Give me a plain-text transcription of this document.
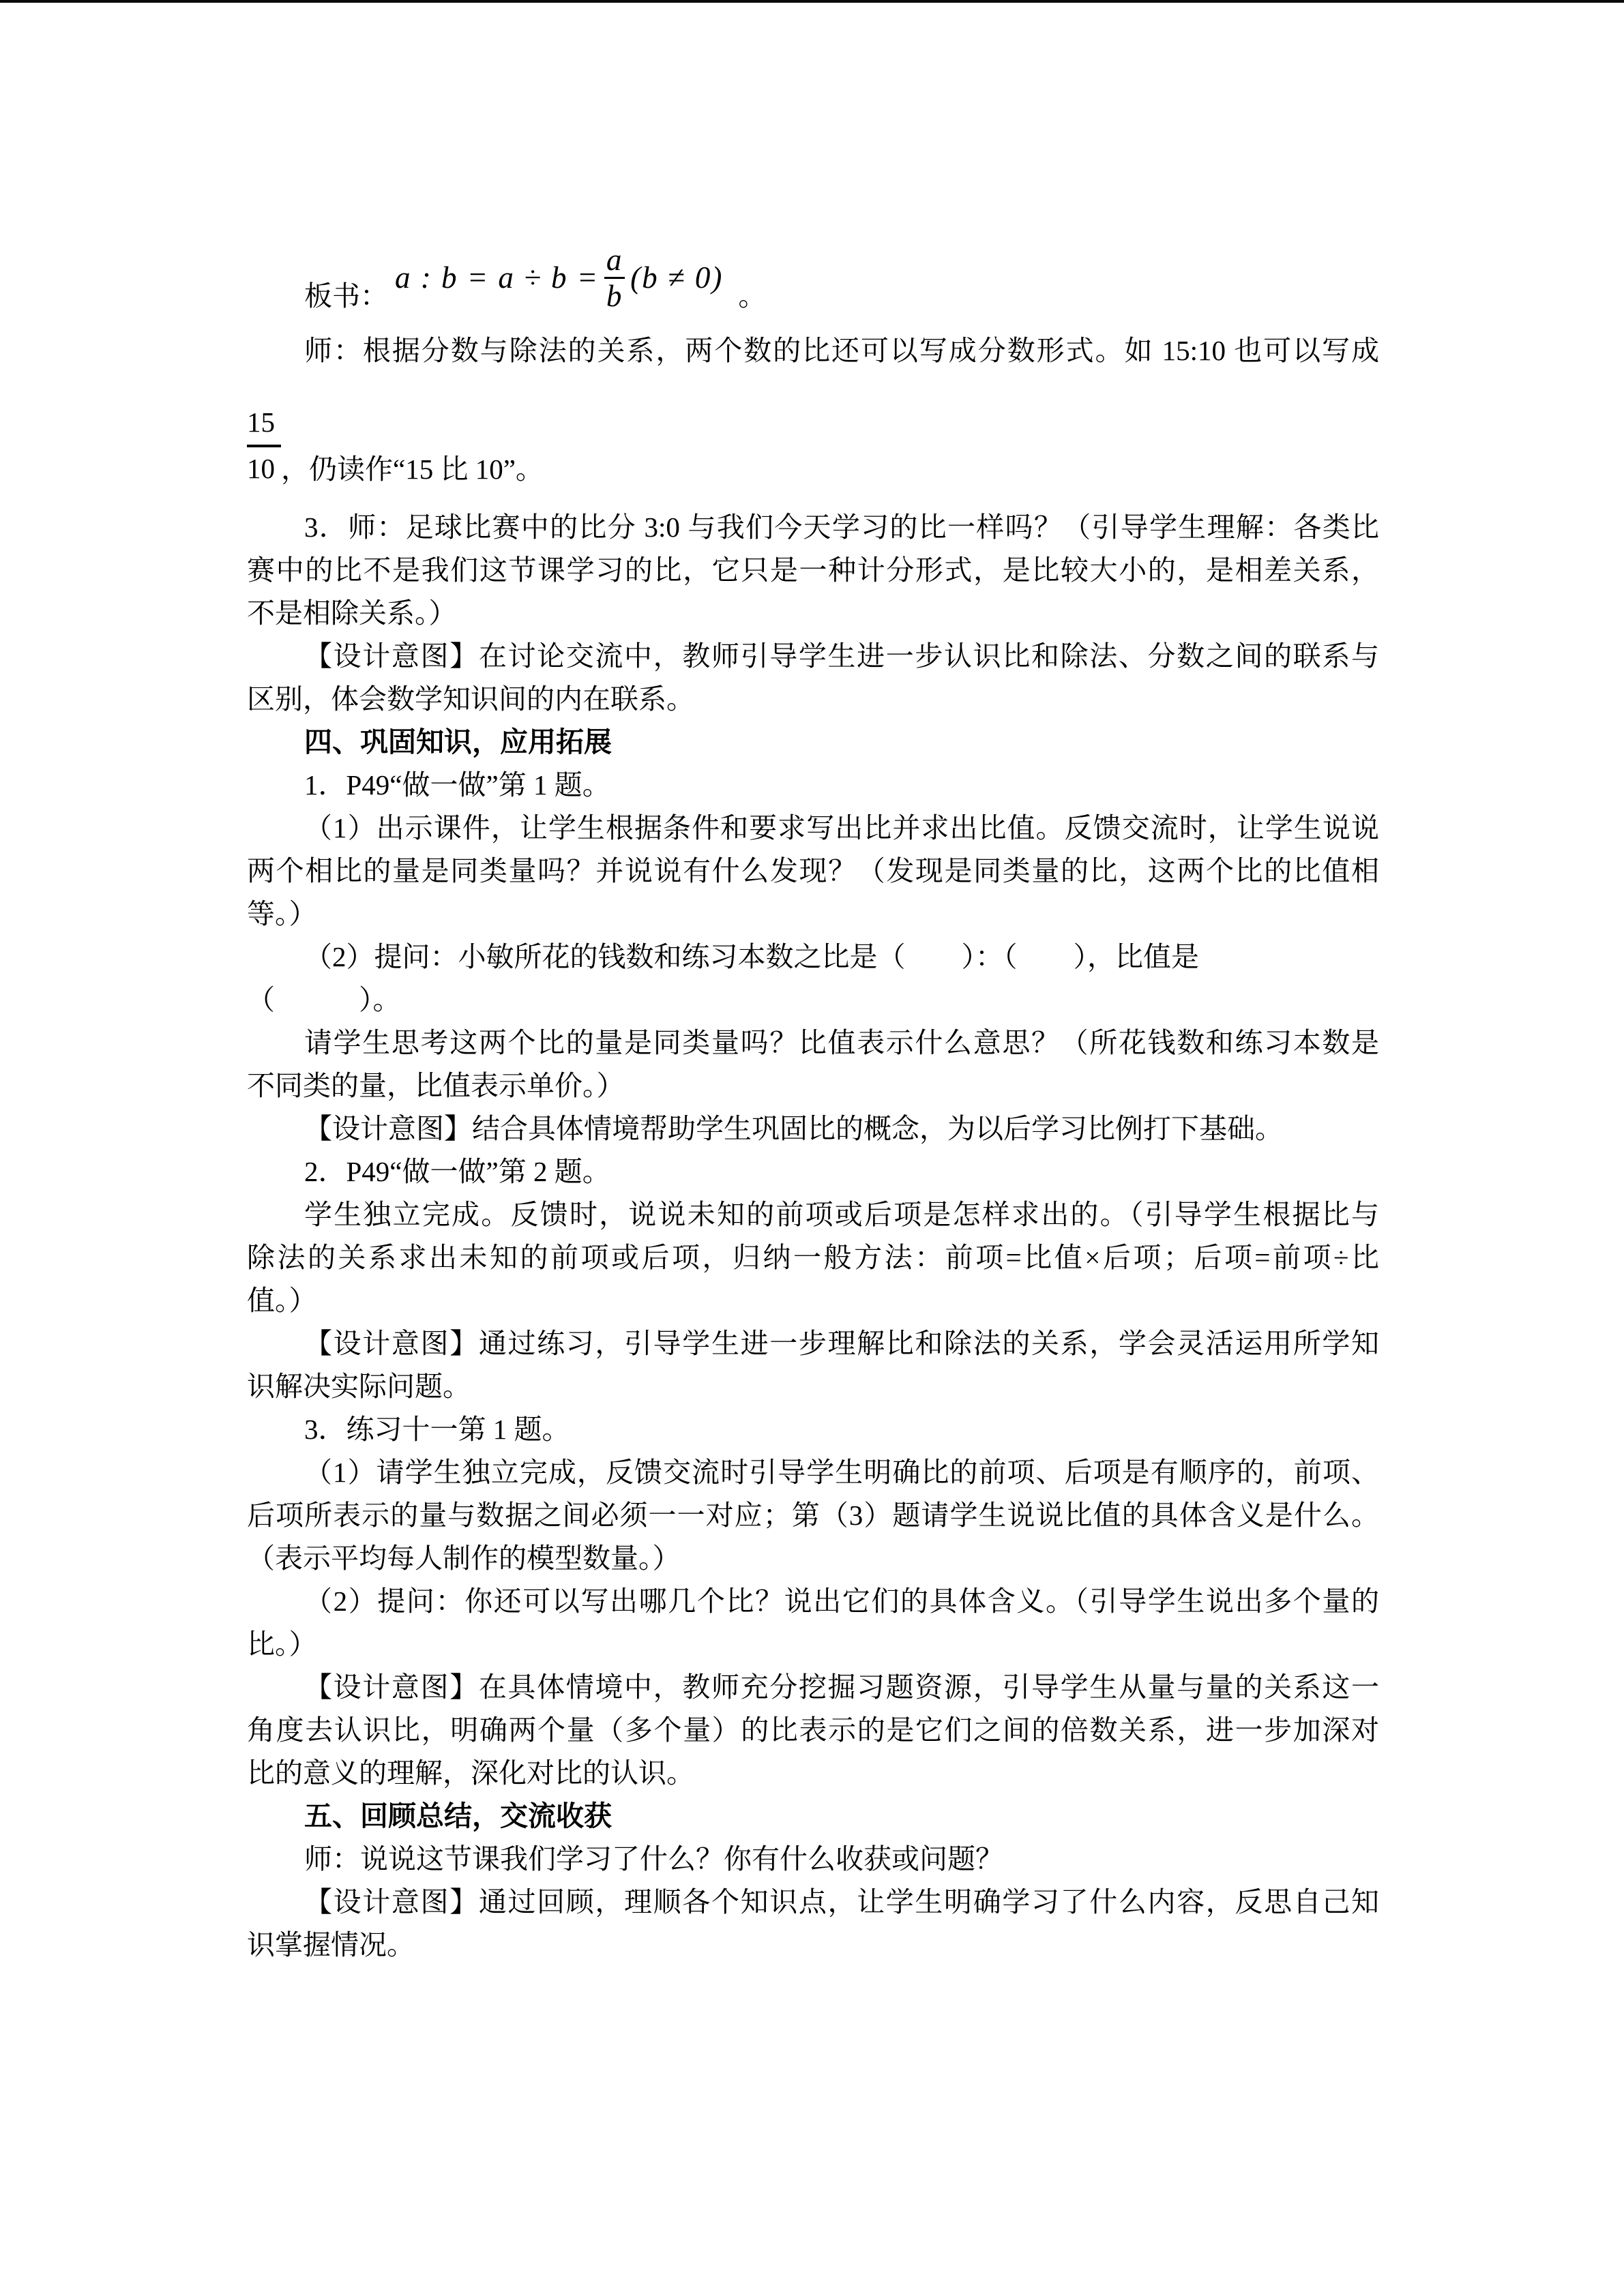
板书：
a : $b = a \div b = \frac{a}{b} (b \ne 0)$
。
师：根据分数与除法的关系，两个数的比还可以写成分数形式。如 15:10 也可以写成
$\frac{15}{10}$ ，仍读作“15 比 10”。
3．师：足球比赛中的比分 3:0 与我们今天学习的比一样吗？（引导学生理解：各类比
赛中的比不是我们这节课学习的比，它只是一种计分形式，是比较大小的，是相差关系，
不是相除关系。）
【设计意图】在讨论交流中，教师引导学生进一步认识比和除法、分数之间的联系与
区别，体会数学知识间的内在联系。
四、巩固知识，应用拓展
1．P49“做一做”第 1 题。
（1）出示课件，让学生根据条件和要求写出比并求出比值。反馈交流时，让学生说说
两个相比的量是同类量吗？并说说有什么发现？（发现是同类量的比，这两个比的比值相
等。）
（2）提问：小敏所花的钱数和练习本数之比是（　　）：（　　），比值是
（　　　）。
请学生思考这两个比的量是同类量吗？比值表示什么意思？（所花钱数和练习本数是
不同类的量，比值表示单价。）
【设计意图】结合具体情境帮助学生巩固比的概念，为以后学习比例打下基础。
2．P49“做一做”第 2 题。
学生独立完成。反馈时，说说未知的前项或后项是怎样求出的。（引导学生根据比与
除法的关系求出未知的前项或后项，归纳一般方法：前项=比值×后项；后项=前项÷比
值。）
【设计意图】通过练习，引导学生进一步理解比和除法的关系，学会灵活运用所学知
识解决实际问题。
3．练习十一第 1 题。
（1）请学生独立完成，反馈交流时引导学生明确比的前项、后项是有顺序的，前项、
后项所表示的量与数据之间必须一一对应；第（3）题请学生说说比值的具体含义是什么。
（表示平均每人制作的模型数量。）
（2）提问：你还可以写出哪几个比？说出它们的具体含义。（引导学生说出多个量的
比。）
【设计意图】在具体情境中，教师充分挖掘习题资源，引导学生从量与量的关系这一
角度去认识比，明确两个量（多个量）的比表示的是它们之间的倍数关系，进一步加深对
比的意义的理解，深化对比的认识。
五、回顾总结，交流收获
师：说说这节课我们学习了什么？你有什么收获或问题？
【设计意图】通过回顾，理顺各个知识点，让学生明确学习了什么内容，反思自己知
识掌握情况。
